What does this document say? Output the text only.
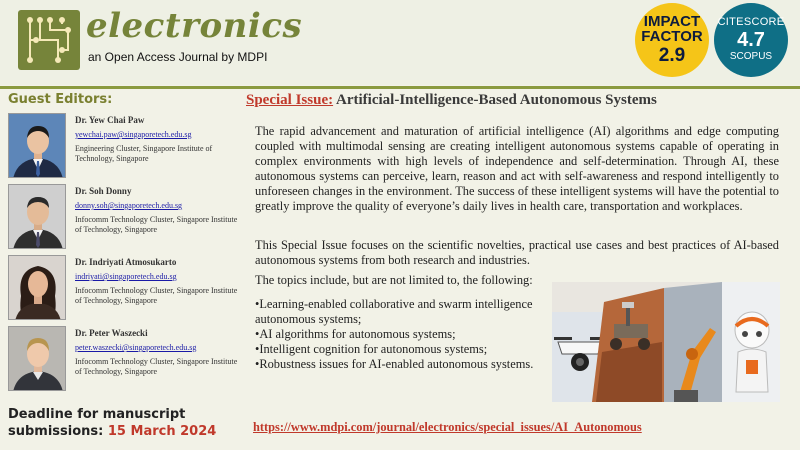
electronics
an Open Access Journal by MDPI
IMPACT
FACTOR
2.9
CITESCORE
4.7
SCOPUS
Guest Editors:
Dr. Yew Chai Paw
yewchai.paw@singaporetech.edu.sg
Engineering Cluster, Singapore Institute of Technology, Singapore
Dr. Soh Donny
donny.soh@singaporetech.edu.sg
Infocomm Technology Cluster, Singapore Institute of Technology, Singapore
Dr. Indriyati Atmosukarto
indriyati@singaporetech.edu.sg
Infocomm Technology Cluster, Singapore Institute of Technology, Singapore
Dr. Peter Waszecki
peter.waszecki@singaporetech.edu.sg
Infocomm Technology Cluster, Singapore Institute of Technology, Singapore
Deadline for manuscript
submissions: 15 March 2024
Special Issue: Artificial-Intelligence-Based Autonomous Systems

The rapid advancement and maturation of artificial intelligence (AI) algorithms and edge computing coupled with multimodal sensing are creating intelligent autonomous systems capable of operating in complex environments with high levels of independence and self-determination. Through AI, these autonomous systems can perceive, learn, reason and act with self-awareness and respond intelligently to unforeseen changes in the environment. The success of these intelligent systems will have the potential to greatly improve the quality of everyone’s daily lives in health care, transportation and workplaces.

This Special Issue focuses on the scientific novelties, practical use cases and best practices of AI-based autonomous systems from both research and industries.

The topics include, but are not limited to, the following:

•Learning-enabled collaborative and swarm intelligence autonomous systems;
•AI algorithms for autonomous systems;
•Intelligent cognition for autonomous systems;
•Robustness issues for AI-enabled autonomous systems.
https://www.mdpi.com/journal/electronics/special_issues/AI_Autonomous
